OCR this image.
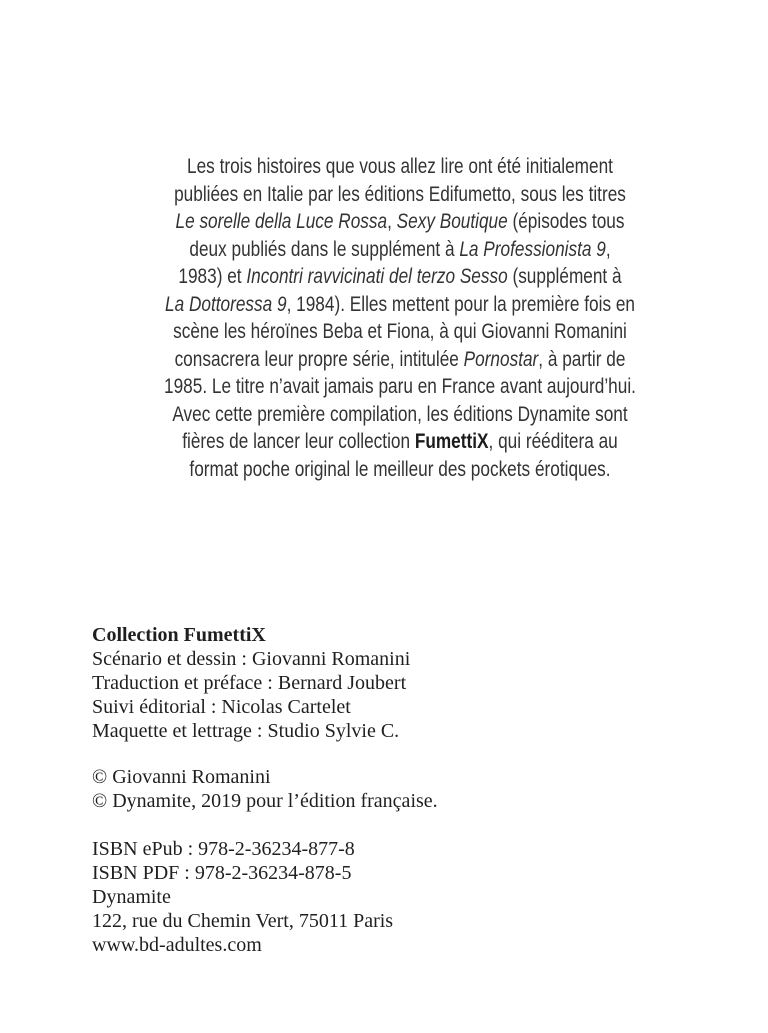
Les trois histoires que vous allez lire ont été initialement
publiées en Italie par les éditions Edifumetto, sous les titres
Le sorelle della Luce Rossa, Sexy Boutique (épisodes tous
deux publiés dans le supplément à La Professionista 9,
1983) et Incontri ravvicinati del terzo Sesso (supplément à
La Dottoressa 9, 1984). Elles mettent pour la première fois en
scène les héroïnes Beba et Fiona, à qui Giovanni Romanini
consacrera leur propre série, intitulée Pornostar, à partir de
1985. Le titre n’avait jamais paru en France avant aujourd’hui.
Avec cette première compilation, les éditions Dynamite sont
fières de lancer leur collection FumettiX, qui rééditera au
format poche original le meilleur des pockets érotiques.
Collection FumettiX
Scénario et dessin : Giovanni Romanini
Traduction et préface : Bernard Joubert
Suivi éditorial : Nicolas Cartelet
Maquette et lettrage : Studio Sylvie C.
© Giovanni Romanini
© Dynamite, 2019 pour l’édition française.
ISBN ePub : 978-2-36234-877-8
ISBN PDF : 978-2-36234-878-5
Dynamite
122, rue du Chemin Vert, 75011 Paris
www.bd-adultes.com
